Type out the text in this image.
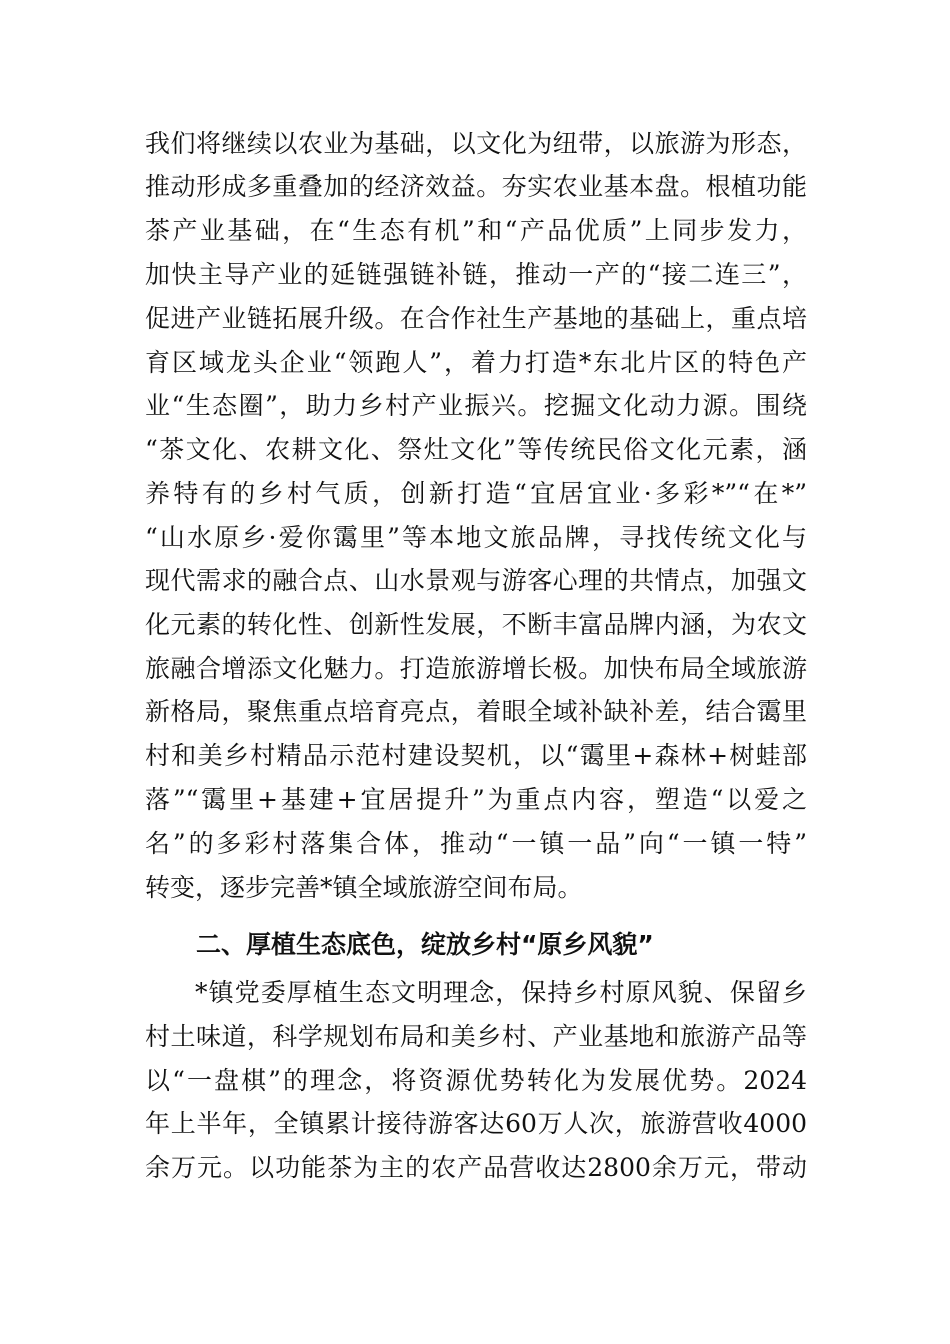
我们将继续以农业为基础，以文化为纽带，以旅游为形态，
推动形成多重叠加的经济效益。夯实农业基本盘。根植功能
茶产业基础，在“生态有机”和“产品优质”上同步发力，
加快主导产业的延链强链补链，推动一产的“接二连三”，
促进产业链拓展升级。在合作社生产基地的基础上，重点培
育区域龙头企业“领跑人”，着力打造*东北片区的特色产
业“生态圈”，助力乡村产业振兴。挖掘文化动力源。围绕
“茶文化、农耕文化、祭灶文化”等传统民俗文化元素，涵
养特有的乡村气质，创新打造“宜居宜业·多彩*”“在*”
“山水原乡·爱你霭里”等本地文旅品牌，寻找传统文化与
现代需求的融合点、山水景观与游客心理的共情点，加强文
化元素的转化性、创新性发展，不断丰富品牌内涵，为农文
旅融合增添文化魅力。打造旅游增长极。加快布局全域旅游
新格局，聚焦重点培育亮点，着眼全域补缺补差，结合霭里
村和美乡村精品示范村建设契机，以“霭里+森林+树蛙部
落”“霭里+基建+宜居提升”为重点内容，塑造“以爱之
名”的多彩村落集合体，推动“一镇一品”向“一镇一特”
转变，逐步完善*镇全域旅游空间布局。
二、厚植生态底色，绽放乡村“原乡风貌”
*镇党委厚植生态文明理念，保持乡村原风貌、保留乡
村土味道，科学规划布局和美乡村、产业基地和旅游产品等
以“一盘棋”的理念，将资源优势转化为发展优势。2024
年上半年，全镇累计接待游客达60万人次，旅游营收4000
余万元。以功能茶为主的农产品营收达2800余万元，带动
